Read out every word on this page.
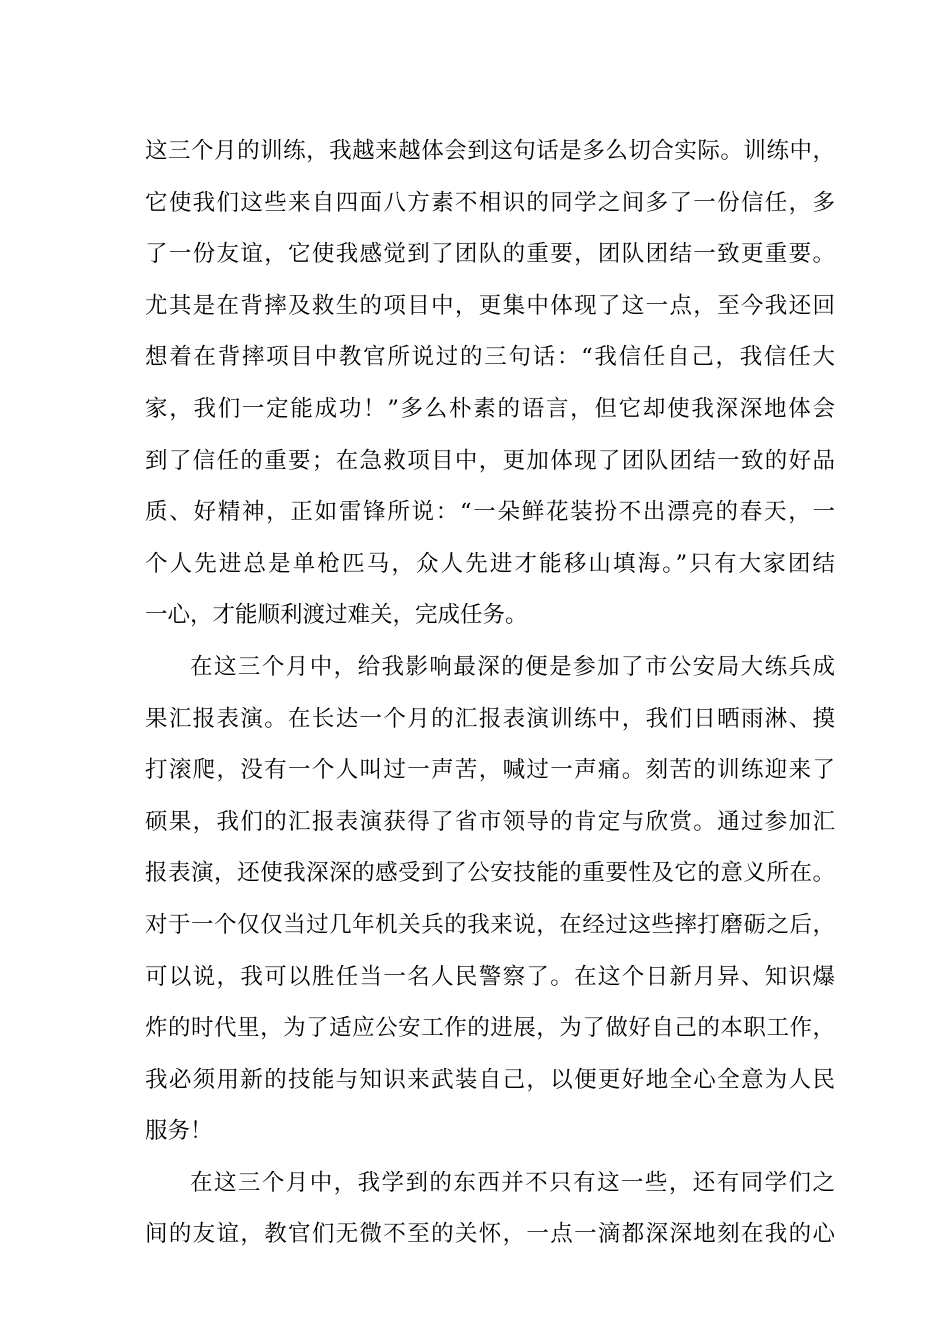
这三个月的训练，我越来越体会到这句话是多么切合实际。训练中，
它使我们这些来自四面八方素不相识的同学之间多了一份信任，多
了一份友谊，它使我感觉到了团队的重要，团队团结一致更重要。
尤其是在背摔及救生的项目中，更集中体现了这一点，至今我还回
想着在背摔项目中教官所说过的三句话：“我信任自己，我信任大
家，我们一定能成功！”多么朴素的语言，但它却使我深深地体会
到了信任的重要；在急救项目中，更加体现了团队团结一致的好品
质、好精神，正如雷锋所说：“一朵鲜花装扮不出漂亮的春天，一
个人先进总是单枪匹马，众人先进才能移山填海。”只有大家团结
一心，才能顺利渡过难关，完成任务。
在这三个月中，给我影响最深的便是参加了市公安局大练兵成
果汇报表演。在长达一个月的汇报表演训练中，我们日晒雨淋、摸
打滚爬，没有一个人叫过一声苦，喊过一声痛。刻苦的训练迎来了
硕果，我们的汇报表演获得了省市领导的肯定与欣赏。通过参加汇
报表演，还使我深深的感受到了公安技能的重要性及它的意义所在。
对于一个仅仅当过几年机关兵的我来说，在经过这些摔打磨砺之后，
可以说，我可以胜任当一名人民警察了。在这个日新月异、知识爆
炸的时代里，为了适应公安工作的进展，为了做好自己的本职工作，
我必须用新的技能与知识来武装自己，以便更好地全心全意为人民
服务！
在这三个月中，我学到的东西并不只有这一些，还有同学们之
间的友谊，教官们无微不至的关怀，一点一滴都深深地刻在我的心
